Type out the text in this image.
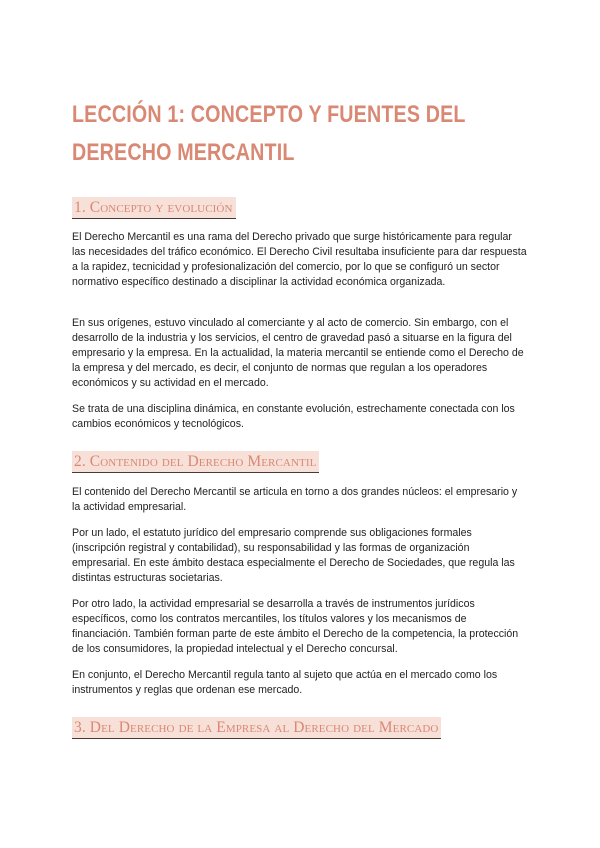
LECCIÓN 1: CONCEPTO Y FUENTES DEL DERECHO MERCANTIL
1. Concepto y evolución

El Derecho Mercantil es una rama del Derecho privado que surge históricamente para regular las necesidades del tráfico económico. El Derecho Civil resultaba insuficiente para dar respuesta a la rapidez, tecnicidad y profesionalización del comercio, por lo que se configuró un sector normativo específico destinado a disciplinar la actividad económica organizada.

En sus orígenes, estuvo vinculado al comerciante y al acto de comercio. Sin embargo, con el desarrollo de la industria y los servicios, el centro de gravedad pasó a situarse en la figura del empresario y la empresa. En la actualidad, la materia mercantil se entiende como el Derecho de la empresa y del mercado, es decir, el conjunto de normas que regulan a los operadores económicos y su actividad en el mercado.

Se trata de una disciplina dinámica, en constante evolución, estrechamente conectada con los cambios económicos y tecnológicos.

2. Contenido del Derecho Mercantil

El contenido del Derecho Mercantil se articula en torno a dos grandes núcleos: el empresario y la actividad empresarial.

Por un lado, el estatuto jurídico del empresario comprende sus obligaciones formales (inscripción registral y contabilidad), su responsabilidad y las formas de organización empresarial. En este ámbito destaca especialmente el Derecho de Sociedades, que regula las distintas estructuras societarias.

Por otro lado, la actividad empresarial se desarrolla a través de instrumentos jurídicos específicos, como los contratos mercantiles, los títulos valores y los mecanismos de financiación. También forman parte de este ámbito el Derecho de la competencia, la protección de los consumidores, la propiedad intelectual y el Derecho concursal.

En conjunto, el Derecho Mercantil regula tanto al sujeto que actúa en el mercado como los instrumentos y reglas que ordenan ese mercado.

3. Del Derecho de la Empresa al Derecho del Mercado
